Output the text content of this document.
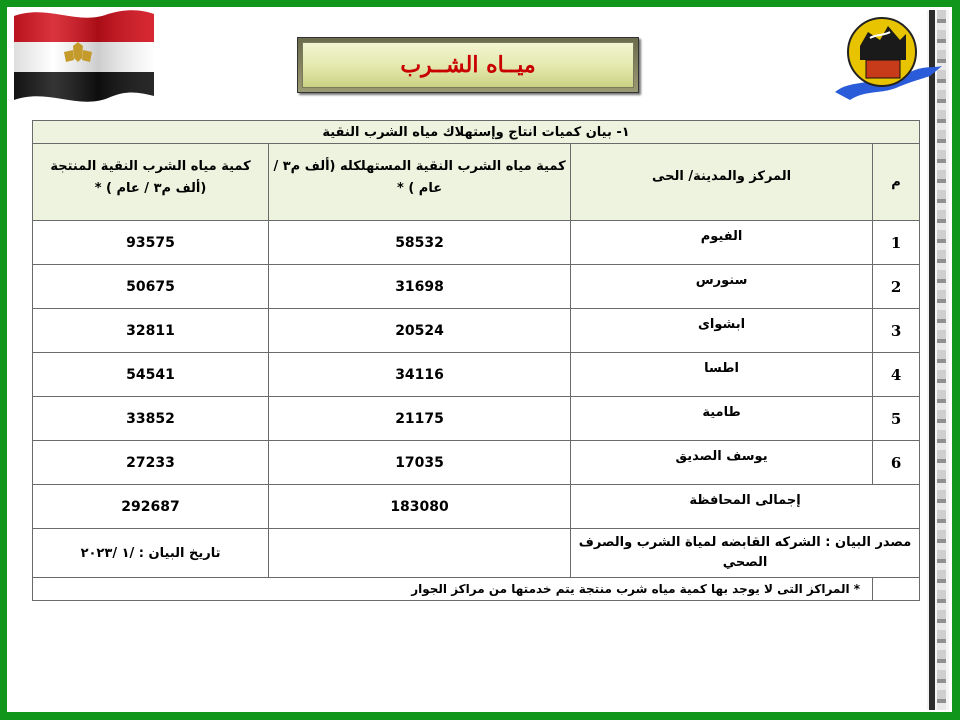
ميــاه الشــرب
١- بيان كميات انتاج وإستهلاك مياه الشرب النقية			
م	المركز والمدينة/ الحى	كمية مياه الشرب النقية المستهلكله (ألف م٣ / عام ) *	كمية مياه الشرب النقية المنتجة (ألف م٣ / عام ) *
1	الفيوم	58532	93575
2	سنورس	31698	50675
3	ابشواى	20524	32811
4	اطسا	34116	54541
5	طامية	21175	33852
6	يوسف الصديق	17035	27233
إجمالى المحافظة		183080	292687
مصدر البيان : الشركه القابضه لمياة الشرب والصرف الصحي			تاريخ البيان : /١ /٢٠٢٣
	* المراكز التى لا يوجد بها كمية مياه شرب منتجة يتم خدمتها من مراكز الجوار		
